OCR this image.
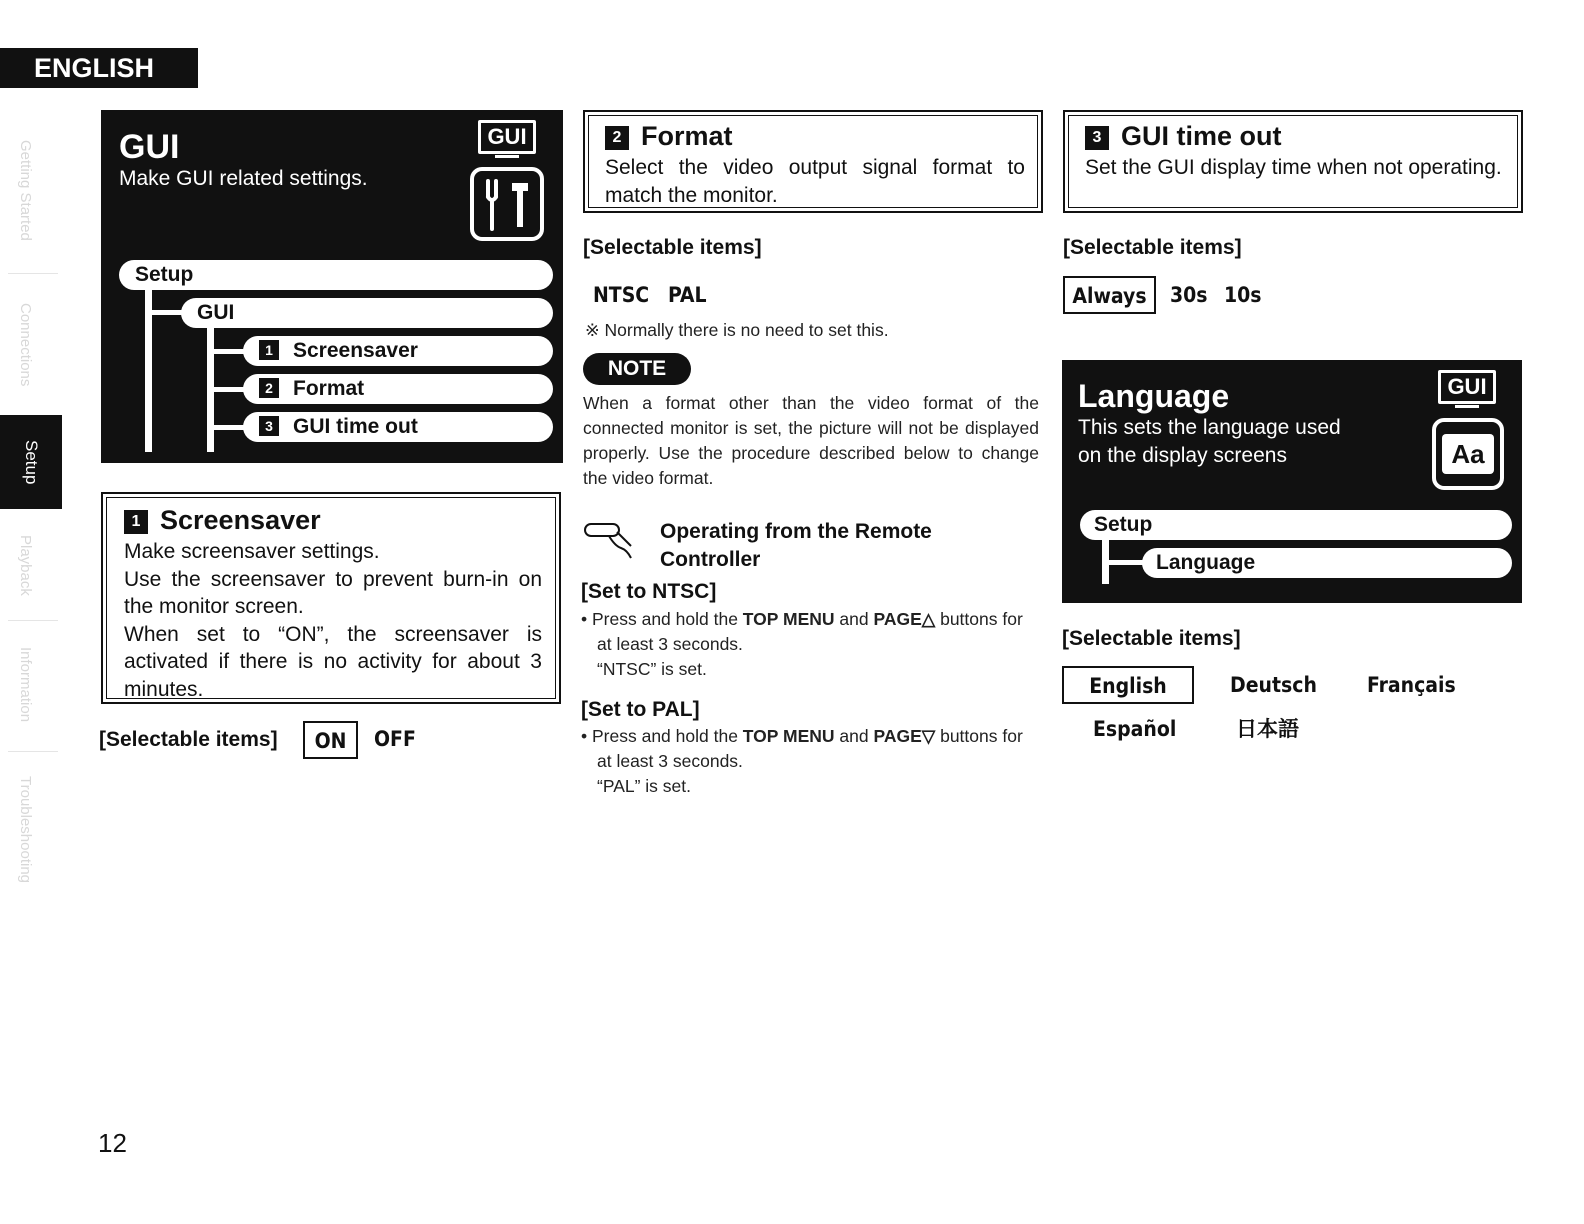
ENGLISH
Getting Started
Connections
Setup
Playback
Information
Troubleshooting
GUI
Make GUI related settings.
GUI
Setup
GUI
1 Screensaver
2 Format
3 GUI time out
1 Screensaver
Make screensaver settings.
Use the screensaver to prevent burn-in on the monitor screen.
When set to “ON”, the screensaver is activated if there is no activity for about 3 minutes.
[Selectable items]	ON	OFF
2 Format
Select the video output signal format to match the monitor.
[Selectable items]
NTSC PAL
※ Normally there is no need to set this.
NOTE
When a format other than the video format of the connected monitor is set, the picture will not be displayed properly. Use the procedure described below to change the video format.
Operating from the Remote
Controller
[Set to NTSC]
• Press and hold the TOP MENU and PAGE△ buttons for
at least 3 seconds.
“NTSC” is set.
[Set to PAL]
• Press and hold the TOP MENU and PAGE▽ buttons for
at least 3 seconds.
“PAL” is set.
3 GUI time out
Set the GUI display time when not operating.
[Selectable items]
Always	30s 10s
Language
This sets the language used
on the display screens
GUI
Aa
Setup
Language
[Selectable items]
English	Deutsch Français
Español	日本語
12
